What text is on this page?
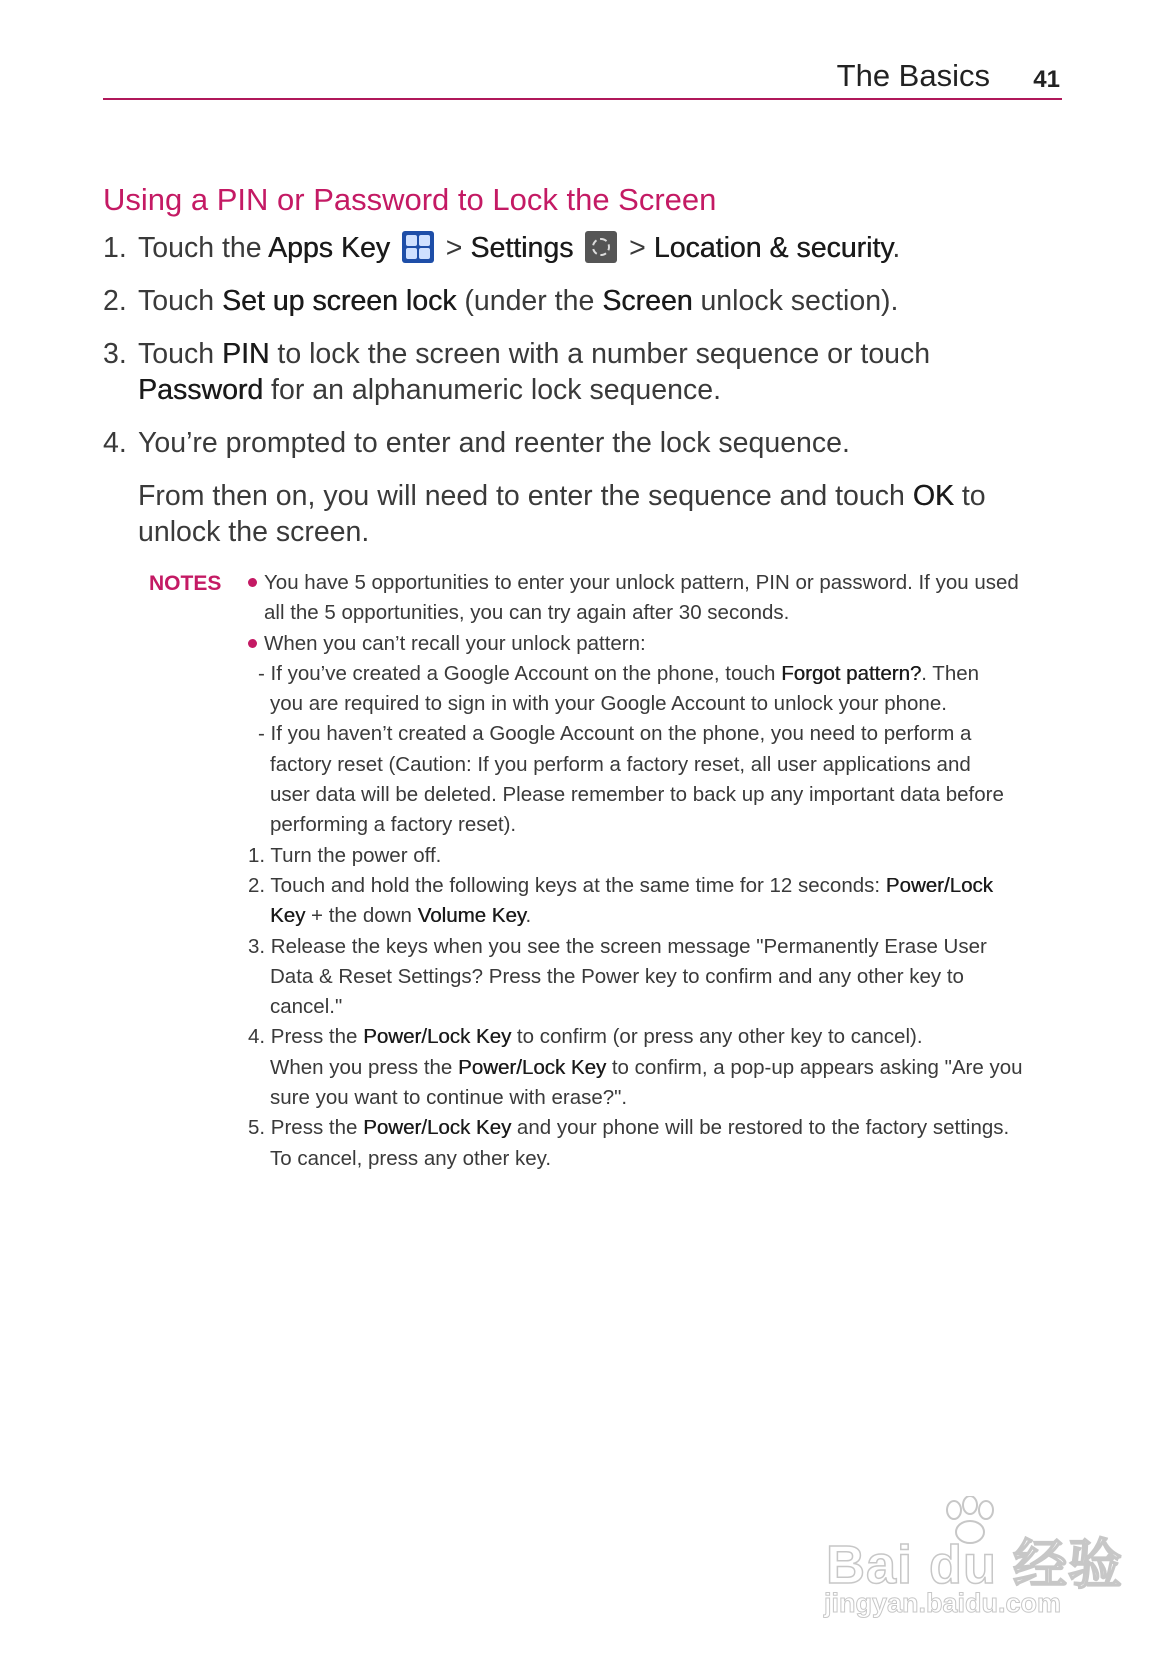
The Basics 41
Using a PIN or Password to Lock the Screen
1. Touch the Apps Key
> Settings
> Location & security.

2. Touch Set up screen lock (under the Screen unlock section).

3. Touch PIN to lock the screen with a number sequence or touch
Password for an alphanumeric lock sequence.

4. You’re prompted to enter and reenter the lock sequence.

From then on, you will need to enter the sequence and touch OK to
unlock the screen.

NOTES	You have 5 opportunities to enter your unlock pattern, PIN or password. If you used
all the 5 opportunities, you can try again after 30 seconds.
When you can’t recall your unlock pattern:
- If you’ve created a Google Account on the phone, touch Forgot pattern?. Then
you are required to sign in with your Google Account to unlock your phone.
- If you haven’t created a Google Account on the phone, you need to perform a
factory reset (Caution: If you perform a factory reset, all user applications and
user data will be deleted. Please remember to back up any important data before
performing a factory reset).
1. Turn the power off.
2. Touch and hold the following keys at the same time for 12 seconds: Power/Lock
Key + the down Volume Key.
3. Release the keys when you see the screen message "Permanently Erase User
Data & Reset Settings? Press the Power key to confirm and any other key to
cancel."
4. Press the Power/Lock Key to confirm (or press any other key to cancel).
When you press the Power/Lock Key to confirm, a pop-up appears asking "Are you
sure you want to continue with erase?".
5. Press the Power/Lock Key and your phone will be restored to the factory settings.
To cancel, press any other key.
Bai du 经验
jingyan.baidu.com
